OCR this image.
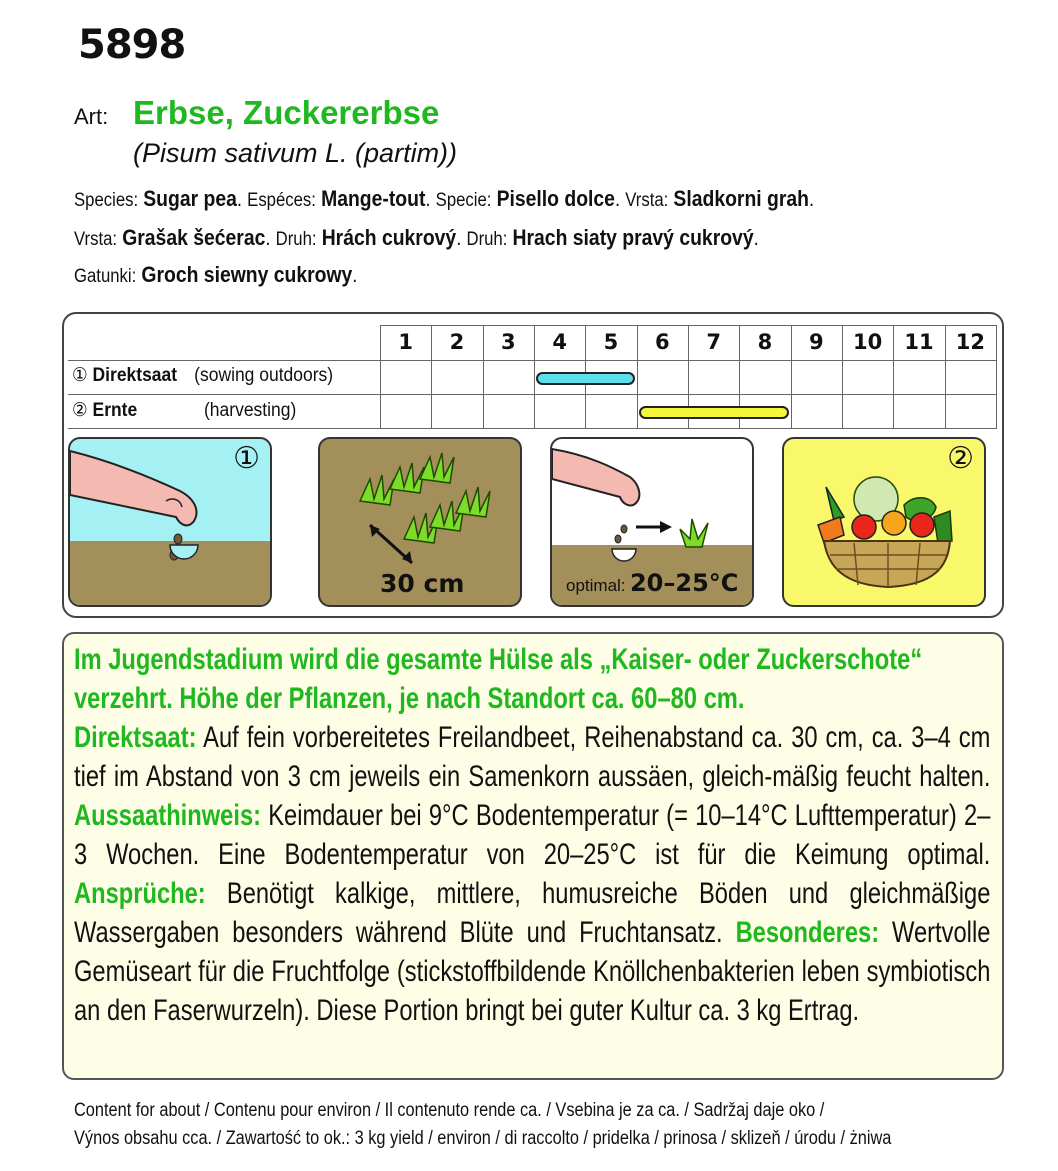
5898
Art: Erbse, Zuckererbse
(Pisum sativum L. (partim))
Species: Sugar pea. Espéces: Mange-tout. Specie: Pisello dolce. Vrsta: Sladkorni grah.
Vrsta: Grašak šećerac. Druh: Hrách cukrový. Druh: Hrach siaty pravý cukrový.
Gatunki: Groch siewny cukrowy.
1	2	3	4	5	6	7	8	9	10	11	12
① Direktsaat (sowing outdoors)
② Ernte	(harvesting)
①
30 cm	optimal: 20–25°C
②

Im Jugendstadium wird die gesamte Hülse als „Kaiser- oder Zuckerschote“

verzehrt. Höhe der Pflanzen, je nach Standort ca. 60–80 cm.

Direktsaat: Auf fein vorbereitetes Freilandbeet, Reihenabstand ca. 30 cm, ca. 3–4 cm tief im Abstand von 3 cm jeweils ein Samenkorn aussäen, gleich-mäßig feucht halten. Aussaathinweis: Keimdauer bei 9°C Bodentemperatur (= 10–14°C Lufttemperatur) 2–3 Wochen. Eine Bodentemperatur von 20–25°C ist für die Keimung optimal. Ansprüche: Benötigt kalkige, mittlere, humusreiche Böden und gleichmäßige Wassergaben besonders während Blüte und Fruchtansatz. Besonderes: Wertvolle Gemüseart für die Fruchtfolge (stickstoffbildende Knöllchenbakterien leben symbiotisch an den Faserwurzeln). Diese Portion bringt bei guter Kultur ca. 3 kg Ertrag.

Content for about / Contenu pour environ / Il contenuto rende ca. / Vsebina je za ca. / Sadržaj daje oko /
Výnos obsahu cca. / Zawartość to ok.: 3 kg yield / environ / di raccolto / pridelka / prinosa / sklizeň / úrodu / żniwa
